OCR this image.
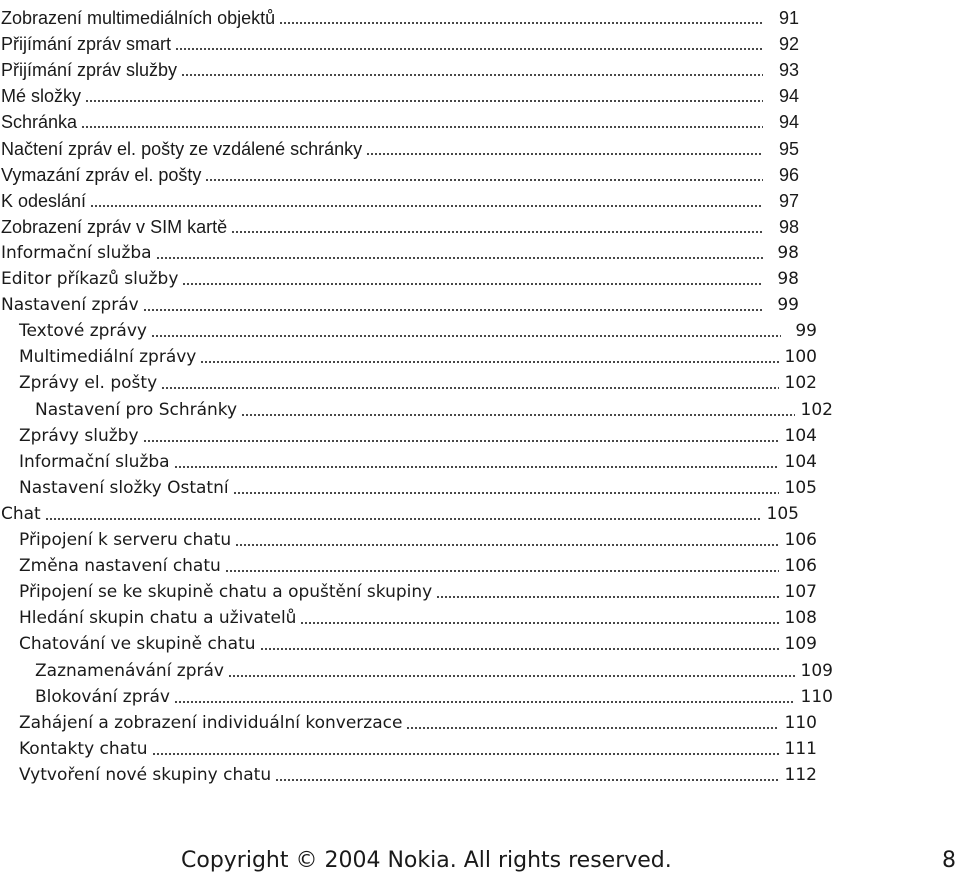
Zobrazení multimediálních objektů	91
Přijímání zpráv smart	92
Přijímání zpráv služby	93
Mé složky	94
Schránka	94
Načtení zpráv el. pošty ze vzdálené schránky	95
Vymazání zpráv el. pošty	96
K odeslání	97
Zobrazení zpráv v SIM kartě	98
Informační služba	98
Editor příkazů služby	98
Nastavení zpráv	99
Textové zprávy	99
Multimediální zprávy	100
Zprávy el. pošty	102
Nastavení pro Schránky	102
Zprávy služby	104
Informační služba	104
Nastavení složky Ostatní	105
Chat	105
Připojení k serveru chatu	106
Změna nastavení chatu	106
Připojení se ke skupině chatu a opuštění skupiny	107
Hledání skupin chatu a uživatelů	108
Chatování ve skupině chatu	109
Zaznamenávání zpráv	109
Blokování zpráv	110
Zahájení a zobrazení individuální konverzace	110
Kontakty chatu	111
Vytvoření nové skupiny chatu	112
Copyright © 2004 Nokia. All rights reserved.	8
